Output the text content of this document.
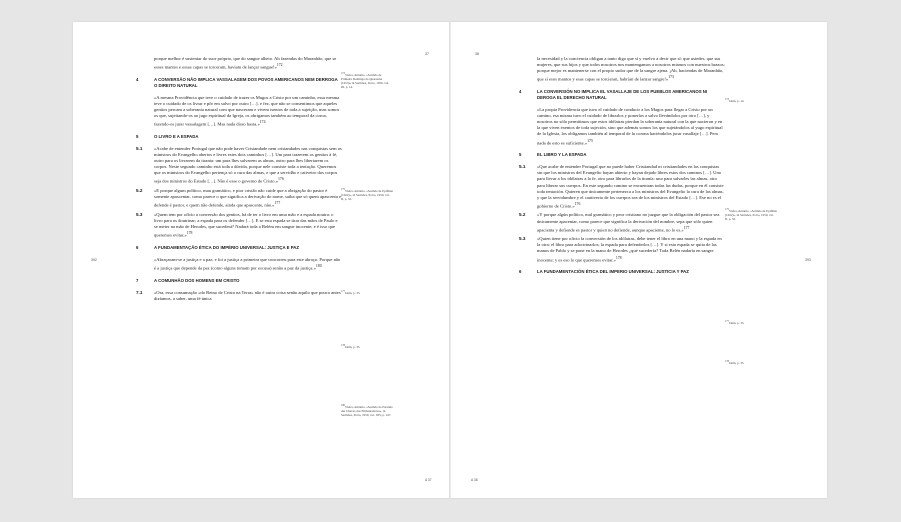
37
392

porque melhor é sustentar do suor próprio, que do sangue alheio. Ah fazendas do Maranhão, que se esses mantos e essas capas se torceram, haviam de lançar sangue!»$^{172}$

4	A CONVERSÃO NÃO IMPLICA VASSALAGEM DOS POVOS AMERICANOS NEM DERROGA O DIREITO NATURAL

«A mesma Providência que teve o cuidado de trazer os Magos a Cristo por um caminho, essa mesma teve o cuidado de os livrar e pôr em salvo por outro […], e fez, que não se consentimos que aqueles gentios percam a soberania natural com que nasceram e vivem isentos de toda a sujeição, mas somos os que, sujeitando-os ao jugo espiritual da Igreja, os obrigamos também ao temporal da coroa, fazendo-os jurar vassalagem […]. Mas nada disso basta.»$^{174}$

5	O LIVRO E A ESPADA

5.1	«Acabe de entender Portugal que não pode haver Cristandade nem cristandades nas conquistas sem os ministros do Evangelho abertos e livres estes dois caminhos […]. Um para trazerem os gentios à fé, outro para os livrarem da tirania: um para lhes salvarem as almas, outro para lhes libertarem os corpos. Neste segundo caminho está toda a dúvida, porque nele consiste toda a tentação. Queremos que os ministros do Evangelho pertença só a cura das almas, e que a servidão e cativeiro dos corpos seja dos ministros do Estado […]. Não é esse o governo de Cristo.»$^{176}$

5.2	«E porque algum político, mau gramático, e pior cristão não cuide que a obrigação do pastor é somente apascentar, como parece o que significa a derivação do nome, saiba que só quem apascenta e defende é pastor, e quem não defende, ainda que apascente, não.»$^{177}$

5.3	«Quem tem por ofício a conversão dos gentios, há de ter o livro em uma mão e a espada noutra: o livro para os doutrinar; a espada para os defender […]. E se esta espada se tirar das mãos de Paulo e se meter na mão de Herodes, que sucederá? Nadará toda a Belém em sangue inocente; e é isso que queremos evitar.»$^{178}$

6	A FUNDAMENTAÇÃO ÉTICA DO IMPÉRIO UNIVERSAL: JUSTIÇA E PAZ

«Abraçaram-se a justiça e a paz, e foi a justiça a primeira que concorreu para este abraço. Porque não é a justiça que depende da paz (como alguns tomam por escusa) senão a paz da justiça.»$^{180}$

7	A COMUNHÃO DOS HOMENS EM CRISTO

7.1	«Ora, essa consumação «do Reino de Cristo na Terra» não é outra coisa senão aquilo que pouco antes dizíamos, a saber, uma fé única

$^{173}$Vieira, António, «Sermão da Primeira Dominga da Quaresma (1653)» in Sermões, Porto, 1959, vol. III, p. 14.
$^{175}$Vieira, António, «Sermão da Epifânia (1662)», in Sermões, Porto, 1959, vol. II, p. 32.
$^{177}$Idem, p. 33.
$^{178}$Idem, p. 35.
$^{180}$Vieira, António, «Sermão do Estatuto das Chaves dos Embaixadores», in Sermões, Porto, 1959, vol. XIV, p. 167.
A 37
38
393

la necesidad y la conciencia obligan a tanto digo que sí y vuelvo a decir que sí: que ustedes, que sus mujeres, que sus hijos y que todos nosotros nos mantengamos a nosotros mismos con nuestros brazos; porque mejor es mantenerse con el propio sudor que de la sangre ajena. ¡Ah, haciendas de Maranhão, que si esos mantos y esas capas se torcieran, habrían de lanzar sangre!»$^{173}$

4	LA CONVERSIÓN NO IMPLICA EL VASALLAJE DE LOS PUEBLOS AMERICANOS NI DEROGA EL DERECHO NATURAL

«La propia Providencia que tuvo el cuidado de conducir a los Magos para llegar a Cristo por un camino, esa misma tuvo el cuidado de librarlos y ponerlos a salvo llevándolos por otro […], y nosotros no sólo permitimos que estos idólatras pierdan la soberanía natural con la que nacieron y en la que viven exentos de toda sujeción, sino que además somos los que sujetándolos al yugo espiritual de la Iglesia, los obligamos también al temporal de la corona haciéndolos jurar vasallaje […]. Pero nada de esto es suficiente.»$^{175}$

5	EL LIBRO Y LA ESPADA

5.1	«Que acabe de entender Portugal que no puede haber Cristiandad ni cristiandades en las conquistas sin que los ministros del Evangelio hayan abierto y hayan dejado libres estos dos caminos […]. Uno para llevar a los idólatras a la fe, otro para librarlos de la tiranía: uno para salvarles las almas, otro para liberar sus cuerpos. En este segundo camino se encuentran todas las dudas, porque en él consiste toda tentación. Quieren que únicamente pertenezca a los ministros del Evangelio la cura de las almas, y que la servidumbre y el cautiverio de los cuerpos sea de los ministros del Estado […]. Ese no es el gobierno de Cristo.»$^{176}$

5.2	«Y porque algún político, mal gramático y peor cristiano no juzgue que la obligación del pastor sea únicamente apacentar, como parece que significa la derivación del nombre, sepa que sólo quien apacienta y defiende es pastor y quien no defiende, aunque apaciente, no lo es.»$^{177}$

5.3	«Quien tiene por oficio la conversión de los idólatras, debe tener el libro en una mano y la espada en la otra: el libro para adoctrinarlos; la espada para defenderlos […]. Y si esta espada se quita de las manos de Pablo y se pone en la mano de Herodes ¿qué sucedería? Toda Belén nadaría en sangre inocente; y es eso lo que queremos evitar.»$^{178}$

6	LA FUNDAMENTACIÓN ÉTICA DEL IMPERIO UNIVERSAL: JUSTICIA Y PAZ
$^{173}$Idem, p. 14.
$^{175}$Vieira, António, «Sermão da Epifânia (1662)», in Sermões, Porto, 1959, vol. II, p. 32.
$^{177}$Idem, p. 33.
$^{178}$Idem, p. 35.
A 38
